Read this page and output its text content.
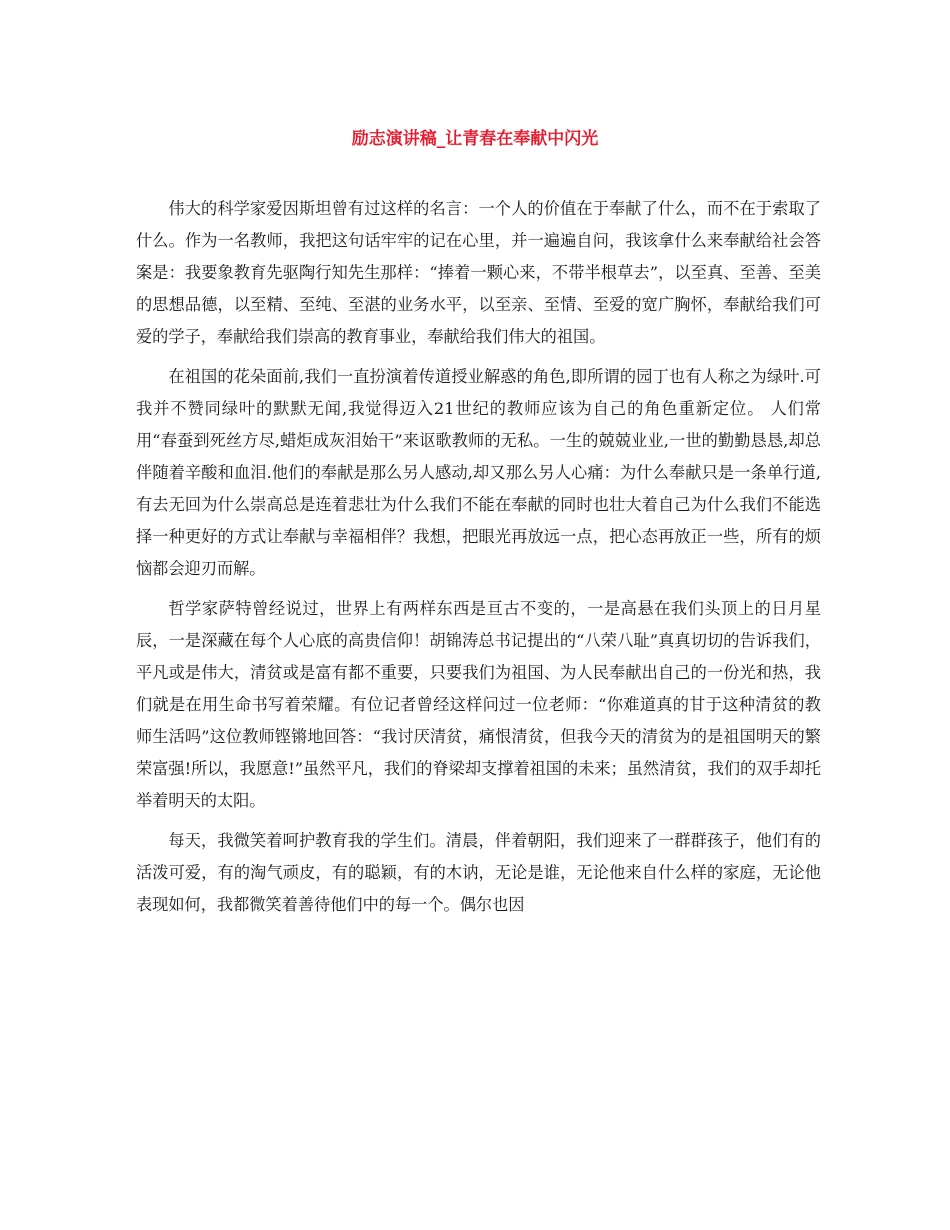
励志演讲稿_让青春在奉献中闪光

伟大的科学家爱因斯坦曾有过这样的名言：一个人的价值在于奉献了什么，而不在于索取了什么。作为一名教师，我把这句话牢牢的记在心里，并一遍遍自问，我该拿什么来奉献给社会答案是：我要象教育先驱陶行知先生那样：“捧着一颗心来，不带半根草去”，以至真、至善、至美的思想品德，以至精、至纯、至湛的业务水平，以至亲、至情、至爱的宽广胸怀，奉献给我们可爱的学子，奉献给我们崇高的教育事业，奉献给我们伟大的祖国。

在祖国的花朵面前,我们一直扮演着传道授业解惑的角色,即所谓的园丁也有人称之为绿叶.可我并不赞同绿叶的默默无闻,我觉得迈入21世纪的教师应该为自己的角色重新定位。 人们常用“春蚕到死丝方尽,蜡炬成灰泪始干”来讴歌教师的无私。一生的兢兢业业,一世的勤勤恳恳,却总伴随着辛酸和血泪.他们的奉献是那么另人感动,却又那么另人心痛：为什么奉献只是一条单行道,有去无回为什么崇高总是连着悲壮为什么我们不能在奉献的同时也壮大着自己为什么我们不能选择一种更好的方式让奉献与幸福相伴？我想，把眼光再放远一点，把心态再放正一些，所有的烦恼都会迎刃而解。

哲学家萨特曾经说过，世界上有两样东西是亘古不变的，一是高悬在我们头顶上的日月星辰，一是深藏在每个人心底的高贵信仰！胡锦涛总书记提出的“八荣八耻”真真切切的告诉我们，平凡或是伟大，清贫或是富有都不重要，只要我们为祖国、为人民奉献出自己的一份光和热，我们就是在用生命书写着荣耀。有位记者曾经这样问过一位老师：“你难道真的甘于这种清贫的教师生活吗”这位教师铿锵地回答：“我讨厌清贫，痛恨清贫，但我今天的清贫为的是祖国明天的繁荣富强!所以，我愿意!”虽然平凡，我们的脊梁却支撑着祖国的未来；虽然清贫，我们的双手却托举着明天的太阳。

每天，我微笑着呵护教育我的学生们。清晨，伴着朝阳，我们迎来了一群群孩子，他们有的活泼可爱，有的淘气顽皮，有的聪颖，有的木讷，无论是谁，无论他来自什么样的家庭，无论他表现如何，我都微笑着善待他们中的每一个。偶尔也因
